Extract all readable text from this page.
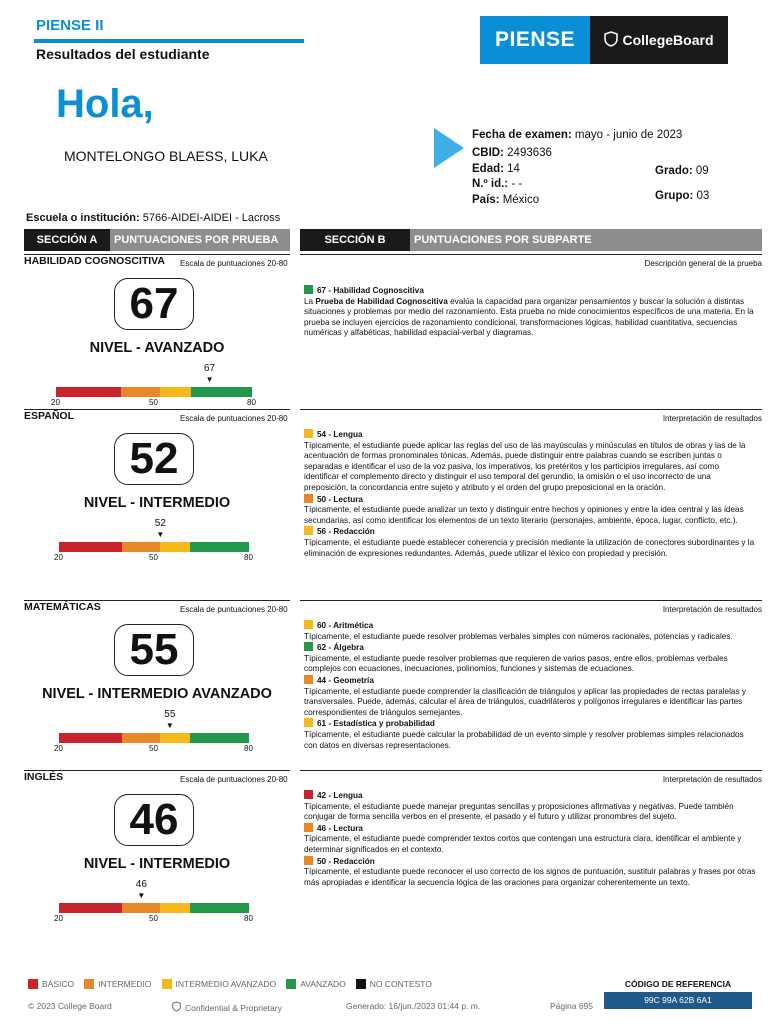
PIENSE II
Resultados del estudiante
PIENSE	CollegeBoard
Hola,
MONTELONGO BLAESS, LUKA
Fecha de examen: mayo - junio de 2023
CBID: 2493636
Edad: 14
N.º id.: - -
País: México
Grado: 09
Grupo: 03
Escuela o institución: 5766-AIDEI-AIDEI - Lacross
SECCIÓN A	PUNTUACIONES POR PRUEBA	SECCIÓN B	PUNTUACIONES POR SUBPARTE
Descripción general de la prueba
67 - Habilidad Cognoscitiva
La Prueba de Habilidad Cognoscitiva evalúa la capacidad para organizar pensamientos y buscar la solución a distintas situaciones y problemas por medio del razonamiento. Esta prueba no mide conocimientos específicos de una materia. En la prueba se incluyen ejercicios de razonamiento condicional, transformaciones lógicas, habilidad cuantitativa, secuencias numéricas y alfabéticas, habilidad espacial-verbal y diagramas.
Interpretación de resultados
54 - Lengua
Típicamente, el estudiante puede aplicar las reglas del uso de las mayúsculas y minúsculas en títulos de obras y las de la acentuación de formas pronominales tónicas. Además, puede distinguir entre palabras cuando se escriben juntas o separadas e identificar el uso de la voz pasiva, los imperativos, los pretéritos y los participios irregulares, así como identificar el complemento directo y distinguir el uso temporal del gerundio, la omisión o el uso incorrecto de una preposición, la concordancia entre sujeto y atributo y el orden del grupo preposicional en la oración.
50 - Lectura
Típicamente, el estudiante puede analizar un texto y distinguir entre hechos y opiniones y entre la idea central y las ideas secundarias, así como identificar los elementos de un texto literario (personajes, ambiente, época, lugar, conflicto, etc.).
56 - Redacción
Típicamente, el estudiante puede establecer coherencia y precisión mediante la utilización de conectores subordinantes y la eliminación de expresiones redundantes. Además, puede utilizar el léxico con propiedad y precisión.
Interpretación de resultados
60 - Aritmética
Típicamente, el estudiante puede resolver problemas verbales simples con números racionales, potencias y radicales.
62 - Álgebra
Típicamente, el estudiante puede resolver problemas que requieren de varios pasos, entre ellos, problemas verbales complejos con ecuaciones, inecuaciones, polinomios, funciones y sistemas de ecuaciones.
44 - Geometría
Típicamente, el estudiante puede comprender la clasificación de triángulos y aplicar las propiedades de rectas paralelas y transversales. Puede, además, calcular el área de triángulos, cuadriláteros y polígonos irregulares e identificar las partes correspondientes de triángulos semejantes.
61 - Estadística y probabilidad
Típicamente, el estudiante puede calcular la probabilidad de un evento simple y resolver problemas simples relacionados con datos en diversas representaciones.
Interpretación de resultados
42 - Lengua
Típicamente, el estudiante puede manejar preguntas sencillas y proposiciones afirmativas y negativas. Puede también conjugar de forma sencilla verbos en el presente, el pasado y el futuro y utilizar pronombres del sujeto.
46 - Lectura
Típicamente, el estudiante puede comprender textos cortos que contengan una estructura clara, identificar el ambiente y determinar significados en el contexto.
50 - Redacción
Típicamente, el estudiante puede reconocer el uso correcto de los signos de puntuación, sustituir palabras y frases por otras más apropiadas e identificar la secuencia lógica de las oraciones para organizar coherentemente un texto.
BÁSICO	INTERMEDIO	INTERMEDIO AVANZADO	AVANZADO	NO CONTESTO	CÓDIGO DE REFERENCIA
99C 99A 62B 6A1
© 2023 College Board	Confidential & Proprietary	Generado: 16/jun./2023 01:44 p. m.	Página 695
HABILIDAD COGNOSCITIVA Escala de puntuaciones 20-80
67
NIVEL - AVANZADO
20	50	80
67
▼
ESPAÑOL	Escala de puntuaciones 20-80
52
NIVEL - INTERMEDIO
20	50	80
52
▼
MATEMÁTICAS	Escala de puntuaciones 20-80
55
NIVEL - INTERMEDIO AVANZADO
20	50	80
55
▼
INGLÉS	Escala de puntuaciones 20-80
46
NIVEL - INTERMEDIO
20	50	80
46
▼
